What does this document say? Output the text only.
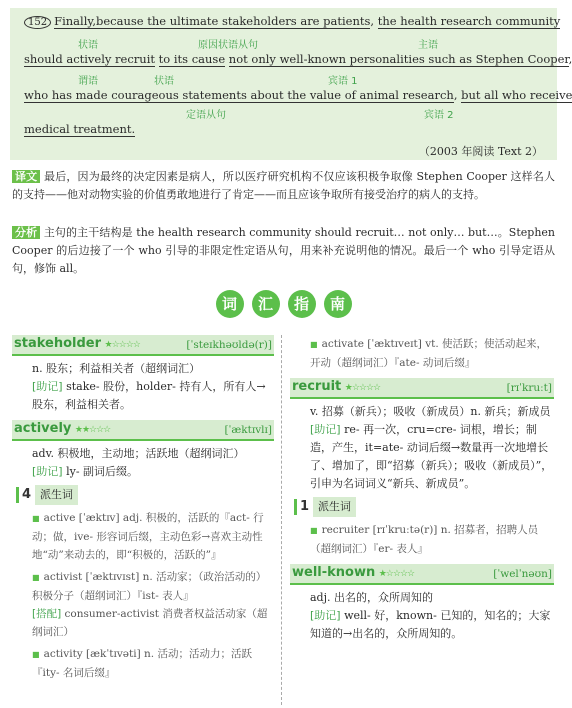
152 Finally,because the ultimate stakeholders are patients, the health research community
状语	原因状语从句	主语
should actively recruit to its cause not only well-known personalities such as Stephen Cooper,
谓语	状语	宾语 1
who has made courageous statements about the value of animal research, but all who receive
定语从句	宾语 2
medical treatment.
（2003 年阅读 Text 2）
译文 最后，因为最终的决定因素是病人，所以医疗研究机构不仅应该积极争取像 Stephen Cooper 这样名人的支持——他对动物实验的价值勇敢地进行了肯定——而且应该争取所有接受治疗的病人的支持。
分析 主句的主干结构是 the health research community should recruit… not only… but…。Stephen Cooper 的后边接了一个 who 引导的非限定性定语从句，用来补充说明他的情况。最后一个 who 引导定语从句，修饰 all。
词 汇 指 南
stakeholder ★☆☆☆☆	[ˈsteɪkhəʊldə(r)]
n. 股东；利益相关者（超纲词汇）
[助记] stake- 股份，holder- 持有人，所有人→股东，利益相关者。
actively ★★☆☆☆	[ˈæktɪvlɪ]
adv. 积极地，主动地；活跃地（超纲词汇）
[助记] ly- 副词后缀。
4 派生词
■ active [ˈæktɪv] adj. 积极的，活跃的『act- 行动；做，ive- 形容词后缀，主动色彩→喜欢主动性地“动”来动去的，即“积极的，活跃的”』
■ activist [ˈæktɪvɪst] n. 活动家；（政治活动的）积极分子（超纲词汇）『ist- 表人』
[搭配] consumer-activist 消费者权益活动家（超纲词汇）
■ activity [ækˈtɪvəti] n. 活动；活动力；活跃『ity- 名词后缀』
■ activate [ˈæktɪveɪt] vt. 使活跃；使活动起来，开动（超纲词汇）『ate- 动词后缀』
recruit ★☆☆☆☆	[rɪˈkruːt]
v. 招募（新兵）；吸收（新成员）n. 新兵；新成员
[助记] re- 再一次，cru=cre- 词根，增长；制造，产生，it=ate- 动词后缀→数量再一次地增长了、增加了，即“招募（新兵）；吸收（新成员）”，引申为名词词义“新兵、新成员”。
1 派生词
■ recruiter [rɪˈkruːtə(r)] n. 招募者，招聘人员（超纲词汇）『er- 表人』
well-known ★☆☆☆☆	[ˈwelˈnəʊn]
adj. 出名的，众所周知的
[助记] well- 好，known- 已知的，知名的；大家知道的→出名的，众所周知的。
